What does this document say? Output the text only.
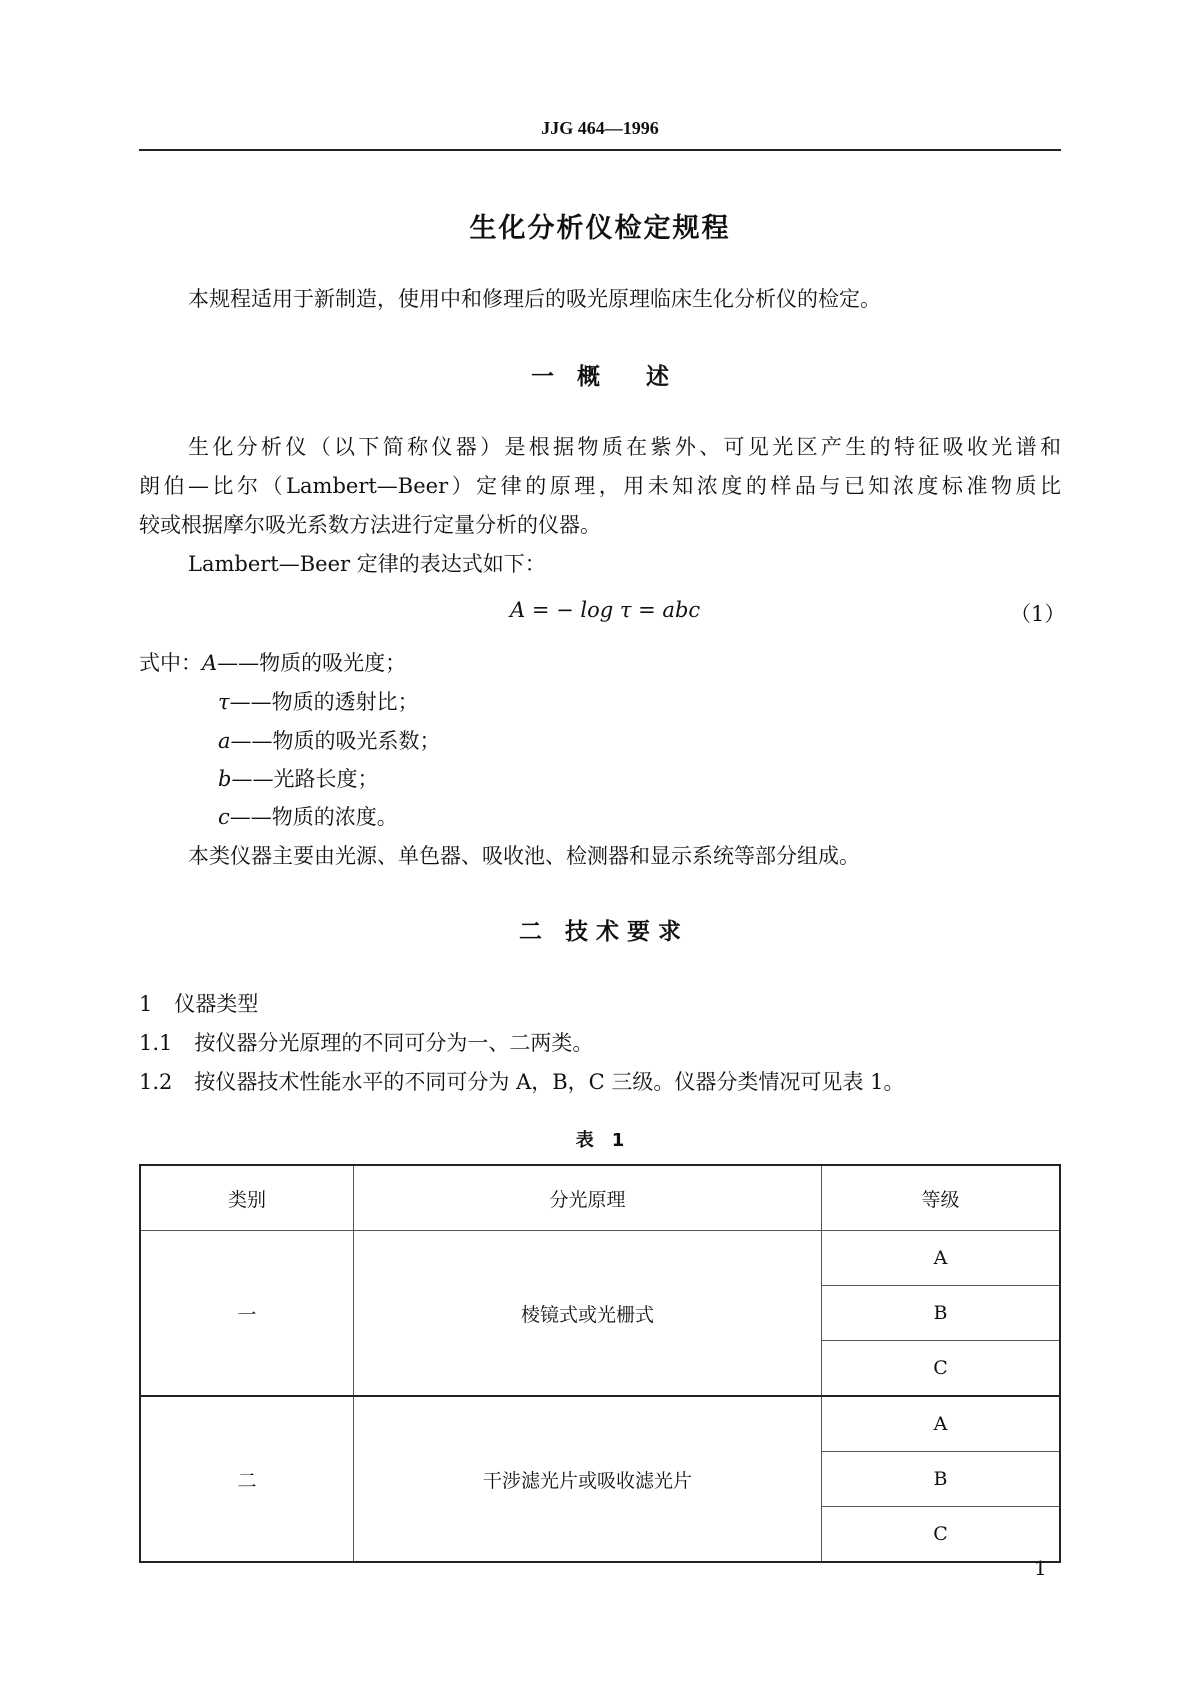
JJG 464—1996
生化分析仪检定规程
本规程适用于新制造，使用中和修理后的吸光原理临床生化分析仪的检定。
一　概　　述
生化分析仪（以下简称仪器）是根据物质在紫外、可见光区产生的特征吸收光谱和
朗伯—比尔（Lambert—Beer）定律的原理，用未知浓度的样品与已知浓度标准物质比
较或根据摩尔吸光系数方法进行定量分析的仪器。
Lambert—Beer 定律的表达式如下：
A = − log τ = abc	（1）
式中： A——物质的吸光度；
τ——物质的透射比；
a——物质的吸光系数；
b——光路长度；
c——物质的浓度。
本类仪器主要由光源、单色器、吸收池、检测器和显示系统等部分组成。
二　技 术 要 求
1 仪器类型
1.1 按仪器分光原理的不同可分为一、二两类。
1.2 按仪器技术性能水平的不同可分为 A，B，C 三级。仪器分类情况可见表 1。
表　1
类别	分光原理	等级
一	棱镜式或光栅式	A
		B
		C
二	干涉滤光片或吸收滤光片	A
		B
		C
1
